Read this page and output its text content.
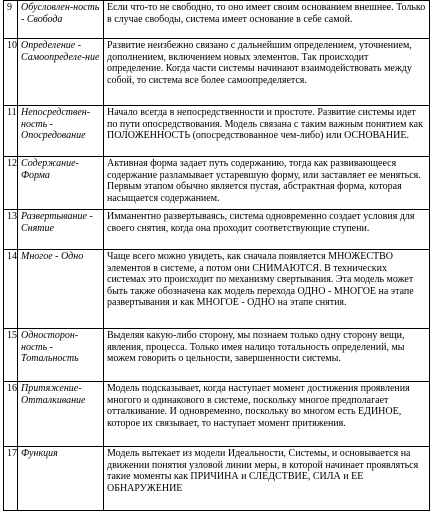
9	Обусловлен-ность - Свобода	Если что-то не свободно, то оно имеет своим основанием внешнее. Только в случае свободы, система имеет основание в себе самой.
10	Определение - Самоопределе-ние	Развитие неизбежно связано с дальнейшим определением, уточнением, дополнением, включением новых элементов. Так происходит определение. Когда части системы начинают взаимодействовать между собой, то система все более самоопределяется.
11	Непосредствен-ность - Опосредование	Начало всегда в непосредственности и простоте. Развитие системы идет по пути опосредствования. Модель связана с таким важным понятием как ПОЛОЖЕННОСТЬ (опосредствованное чем-либо) или ОСНОВАНИЕ.
12	Содержание-Форма	Активная форма задает путь содержанию, тогда как развивающееся содержание разламывает устаревшую форму, или заставляет ее меняться. Первым этапом обычно является пустая, абстрактная форма, которая насыщается содержанием.
13	Развертывание - Снятие	Имманентно развертываясь, система одновременно создает условия для своего снятия, когда она проходит соответствующие ступени.
14	Многое - Одно	Чаще всего можно увидеть, как сначала появляется МНОЖЕСТВО элементов в системе, а потом они СНИМАЮТСЯ. В технических системах это происходит по механизму свертывания. Эта модель может быть также обозначена как модель перехода ОДНО - МНОГОЕ на этапе развертывания и как МНОГОЕ - ОДНО на этапе снятия.
15	Односторон-ность - Тотальность	Выделяя какую-либо сторону, мы познаем только одну сторону вещи, явления, процесса. Только имея налицо тотальность определений, мы можем говорить о цельности, завершенности системы.
16	Притяжение-Отталкивание	Модель подсказывает, когда наступает момент достижения проявления многого и одинакового в системе, поскольку многое предполагает отталкивание. И одновременно, поскольку во многом есть ЕДИНОЕ, которое их связывает, то наступает момент притяжения.
17	Функция	Модель вытекает из модели Идеальности, Системы, и основывается на движении понятия узловой линии меры, в которой начинает проявляться такие моменты как ПРИЧИНА и СЛЕДСТВИЕ, СИЛА и ЕЕ ОБНАРУЖЕНИЕ
